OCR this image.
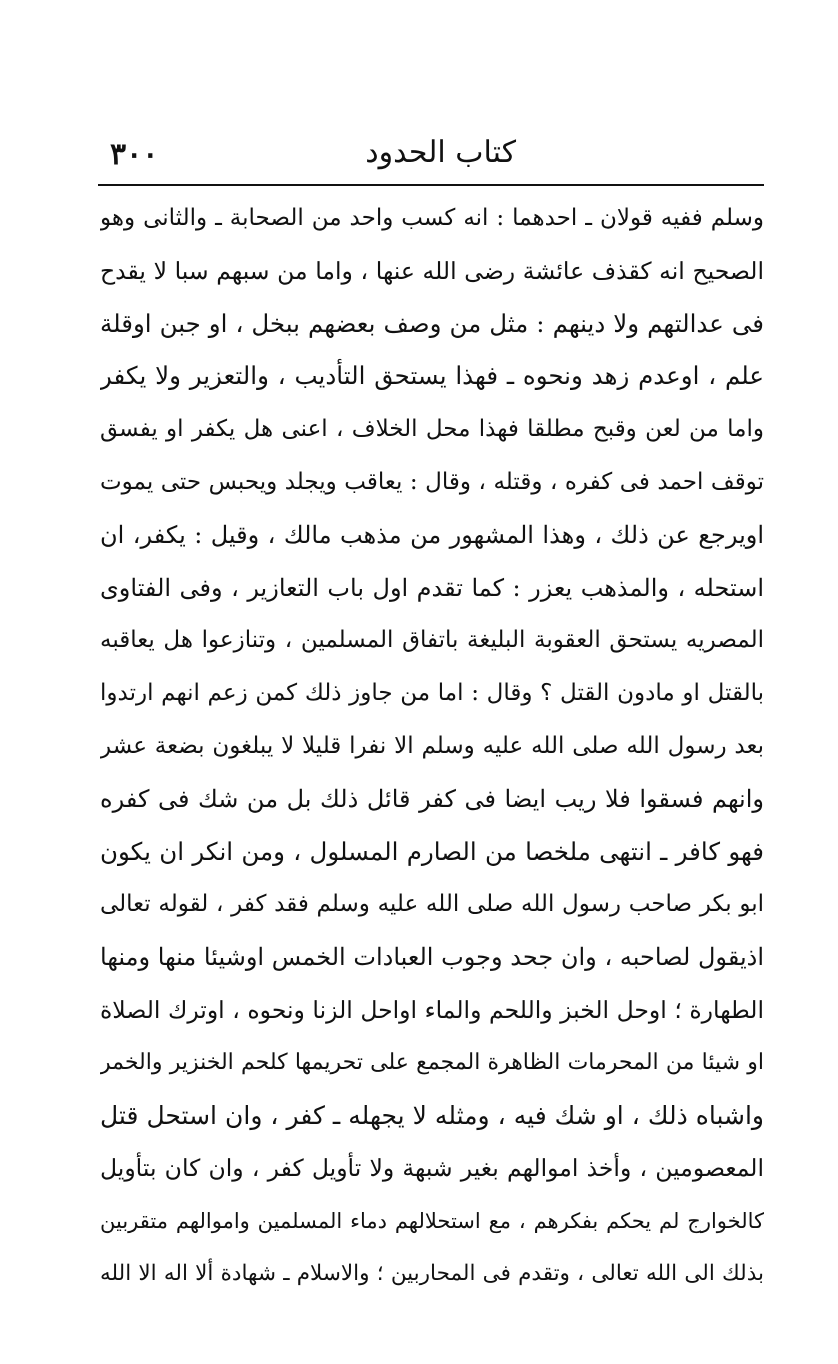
٣٠٠	كتاب الحدود
وسلم ففيه قولان ـ احدهما : انه كسب واحد من الصحابة ـ والثانى وهو
الصحيح انه كقذف عائشة رضى الله عنها ، واما من سبهم سبا لا يقدح
فى عدالتهم ولا دينهم : مثل من وصف بعضهم ببخل ، او جبن اوقلة
علم ، اوعدم زهد ونحوه ـ فهذا يستحق التأديب ، والتعزير ولا يكفر
واما من لعن وقبح مطلقا فهذا محل الخلاف ، اعنى هل يكفر او يفسق
توقف احمد فى كفره ، وقتله ، وقال : يعاقب ويجلد ويحبس حتى يموت
اويرجع عن ذلك ، وهذا المشهور من مذهب مالك ، وقيل : يكفر، ان
استحله ، والمذهب يعزر : كما تقدم اول باب التعازير ، وفى الفتاوى
المصريه يستحق العقوبة البليغة باتفاق المسلمين ، وتنازعوا هل يعاقبه
بالقتل او مادون القتل ؟ وقال : اما من جاوز ذلك كمن زعم انهم ارتدوا
بعد رسول الله صلى الله عليه وسلم الا نفرا قليلا لا يبلغون بضعة عشر
وانهم فسقوا فلا ريب ايضا فى كفر قائل ذلك بل من شك فى كفره
فهو كافر ـ انتهى ملخصا من الصارم المسلول ، ومن انكر ان يكون
ابو بكر صاحب رسول الله صلى الله عليه وسلم فقد كفر ، لقوله تعالى
اذيقول لصاحبه ، وان جحد وجوب العبادات الخمس اوشيئا منها ومنها
الطهارة ؛ اوحل الخبز واللحم والماء اواحل الزنا ونحوه ، اوترك الصلاة
او شيئا من المحرمات الظاهرة المجمع على تحريمها كلحم الخنزير والخمر
واشباه ذلك ، او شك فيه ، ومثله لا يجهله ـ كفر ، وان استحل قتل
المعصومين ، وأخذ اموالهم بغير شبهة ولا تأويل كفر ، وان كان بتأويل
كالخوارج لم يحكم بفكرهم ، مع استحلالهم دماء المسلمين واموالهم متقربين
بذلك الى الله تعالى ، وتقدم فى المحاربين ؛ والاسلام ـ شهادة ألا اله الا الله
